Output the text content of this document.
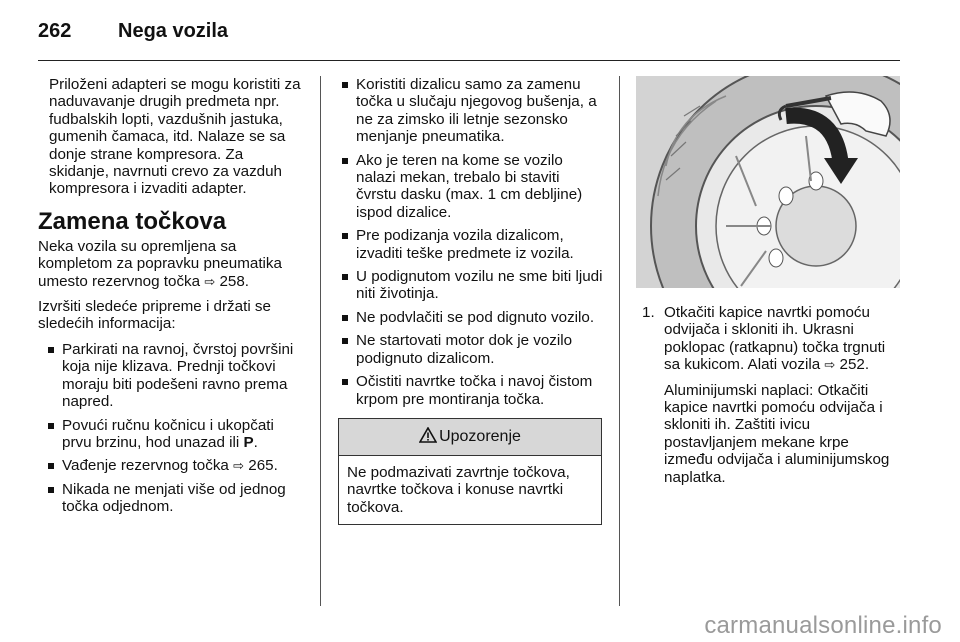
262 Nega vozila

Priloženi adapteri se mogu koristiti za naduvavanje drugih predmeta npr. fudbalskih lopti, vazdušnih jastuka, gumenih čamaca, itd. Nalaze se sa donje strane kompresora. Za skidanje, navrnuti crevo za vazduh kompresora i izvaditi adapter.

Zamena točkova

Neka vozila su opremljena sa kompletom za popravku pneumatika umesto rezervnog točka ⇨ 258.

Izvršiti sledeće pripreme i držati se sledećih informacija:

Parkirati na ravnoj, čvrstoj površini koja nije klizava. Prednji točkovi moraju biti podešeni ravno prema napred.
Povući ručnu kočnicu i ukopčati prvu brzinu, hod unazad ili P.
Vađenje rezervnog točka ⇨ 265.
Nikada ne menjati više od jednog točka odjednom.
Koristiti dizalicu samo za zamenu točka u slučaju njegovog bušenja, a ne za zimsko ili letnje sezonsko menjanje pneumatika.
Ako je teren na kome se vozilo nalazi mekan, trebalo bi staviti čvrstu dasku (max. 1 cm debljine) ispod dizalice.
Pre podizanja vozila dizalicom, izvaditi teške predmete iz vozila.
U podignutom vozilu ne sme biti ljudi niti životinja.
Ne podvlačiti se pod dignuto vozilo.
Ne startovati motor dok je vozilo podignuto dizalicom.
Očistiti navrtke točka i navoj čistom krpom pre montiranja točka.
Upozorenje
Ne podmazivati zavrtnje točkova, navrtke točkova i konuse navrtki točkova.
1. Otkačiti kapice navrtki pomoću odvijača i skloniti ih. Ukrasni poklopac (ratkapnu) točka trgnuti sa kukicom. Alati vozila ⇨ 252.

Aluminijumski naplaci: Otkačiti kapice navrtki pomoću odvijača i skloniti ih. Zaštiti ivicu postavljanjem mekane krpe između odvijača i aluminijumskog naplatka.

carmanualsonline.info
